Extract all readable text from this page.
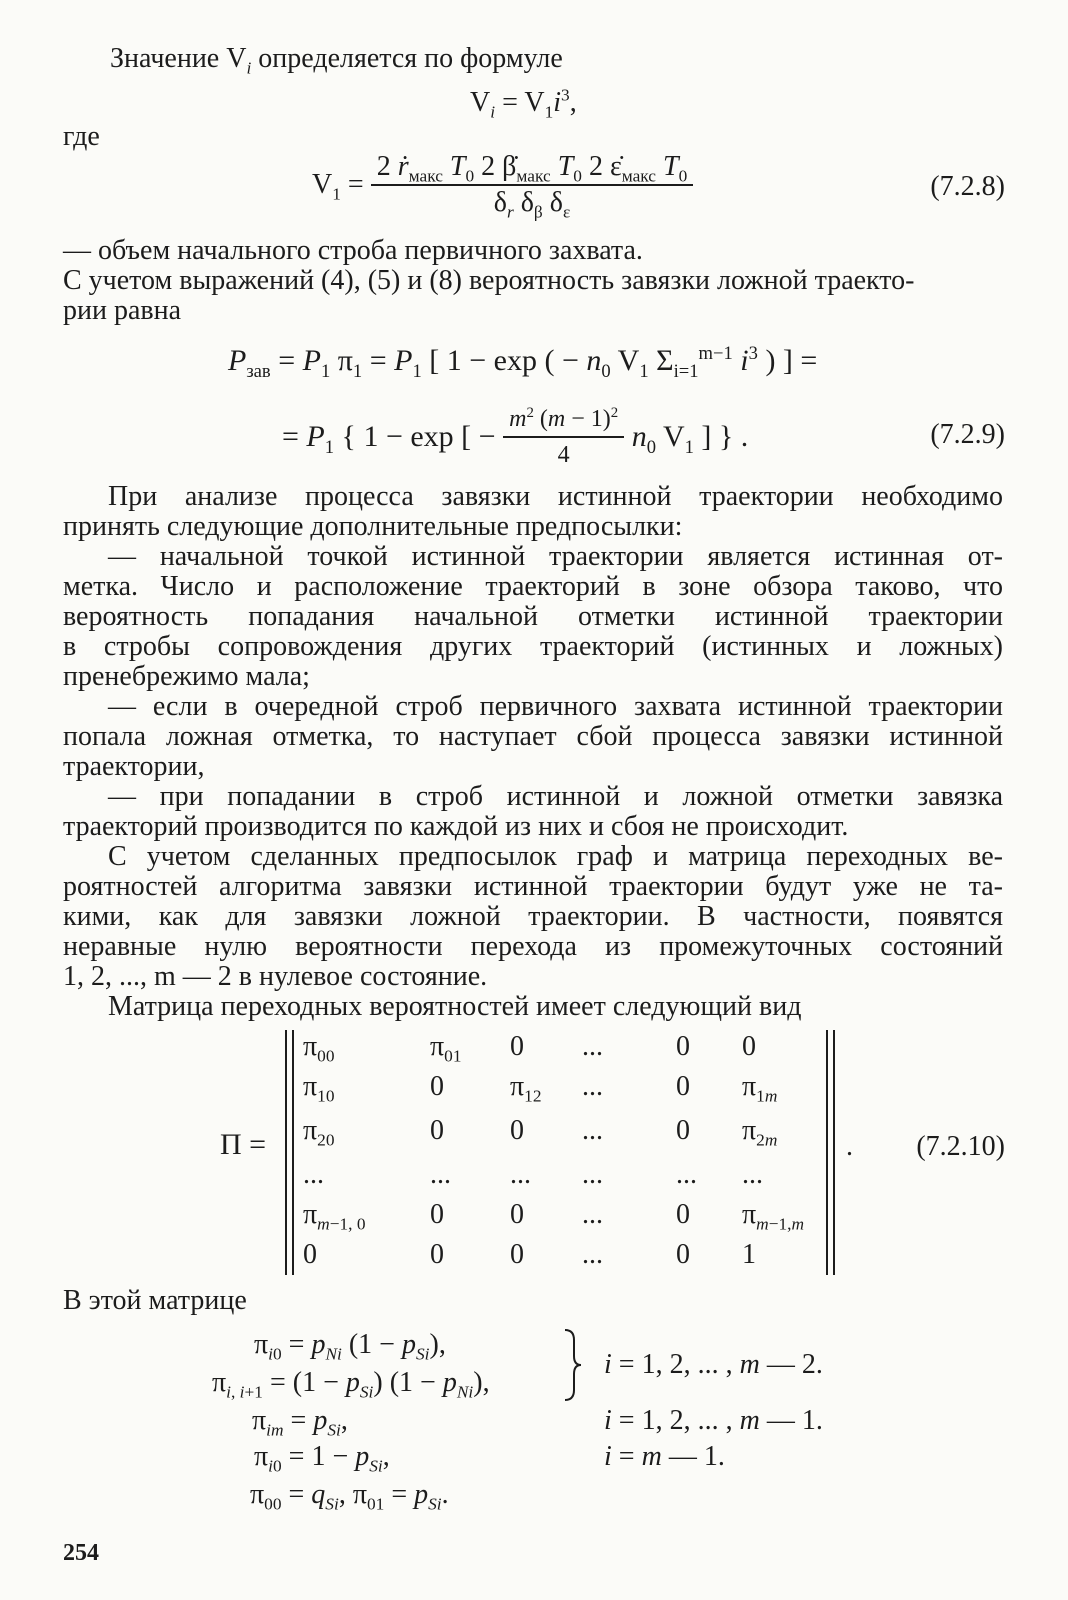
Значение $V_i$ определяется по формуле
$V_i = V_1i^3$,
где
$V_1 = \frac{2 ṙ_{макс} T_0 2 \betȧ_{макс} T_0 2 \varepsiloṅ_{макс} T_0}{\delta_r \delta_\beta \delta_\varepsilon}$	(7.2.8)
— объем начального строба первичного захвата.
С учетом выражений (4), (5) и (8) вероятность завязки ложной траекто-
рии равна
$P_{зав} = P_1$ $\pi_1 = P_1$ [ 1 − exp ( − $n_0$ $V_1$ $\Sigma_{i=1}^{m-1}$ $i^3$ ) ] =
= $P_1$ { 1 − exp [ − $\frac{m^2 (m - 1)^2}{4} n_0$ $V_1$ ] } .	(7.2.9)
При анализе процесса завязки истинной траектории необходимо
принять следующие дополнительные предпосылки:
— начальной точкой истинной траектории является истинная от-
метка. Число и расположение траекторий в зоне обзора таково, что
вероятность попадания начальной отметки истинной траектории
в стробы сопровождения других траекторий (истинных и ложных)
пренебрежимо мала;
— если в очередной строб первичного захвата истинной траектории
попала ложная отметка, то наступает сбой процесса завязки истинной
траектории,
— при попадании в строб истинной и ложной отметки завязка
траекторий производится по каждой из них и сбоя не происходит.
С учетом сделанных предпосылок граф и матрица переходных ве-
роятностей алгоритма завязки истинной траектории будут уже не та-
кими, как для завязки ложной траектории. В частности, появятся
неравные нулю вероятности перехода из промежуточных состояний
1, 2, ..., m — 2 в нулевое состояние.
Матрица переходных вероятностей имеет следующий вид
П =	. (7.2.10)
$\pi_{00}$	$\pi_{01}$ 0 ...	0 0
$\pi_{10}$	0 $\pi_{12}$ ...	0 $\pi_{1m}$
$\pi_{20}$	0 0 ...	0 $\pi_{2m}$
...	... ... ...	... ...
$\pi_{m-1, 0}$ 0 0 ...	0 $\pi_{m-1,m}$
0	0 0 ...	0 1
В этой матрице
$\pi_{i0} = p_{Ni}$ $(1 - p_{Si})$,
$\pi_{i, i+1} = (1 - p_{Si}) (1 - p_{Ni})$,
i = 1, 2, ... , m — 2.
$\pi_{im} = p_{Si}$,	i = 1, 2, ... , m — 1.
$\pi_{i0} = 1 - p_{Si}$,	i = m — 1.
$\pi_{00} = q_{Si}$, $\pi_{01} = p_{Si}$.
254
